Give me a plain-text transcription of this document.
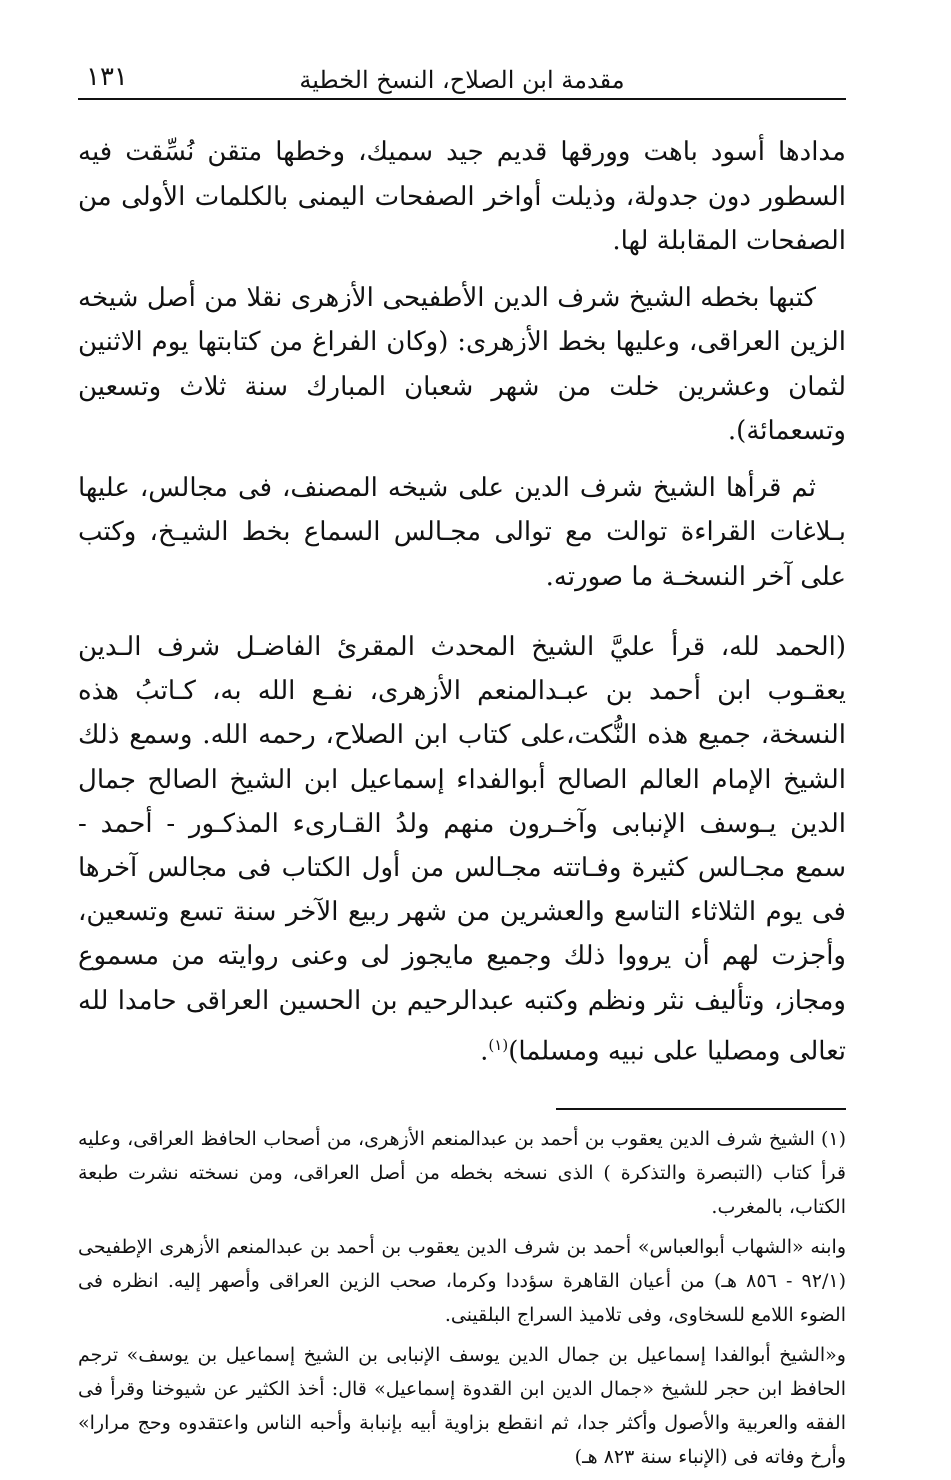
مقدمة ابن الصلاح، النسخ الخطية
١٣١

مدادها أسود باهت وورقها قديم جيد سميك، وخطها متقن نُسِّقت فيه السطور دون جدولة، وذيلت أواخر الصفحات اليمنى بالكلمات الأولى من الصفحات المقابلة لها.

كتبها بخطه الشيخ شرف الدين الأطفيحى الأزهرى نقلا من أصل شيخه الزين العراقى، وعليها بخط الأزهرى: (وكان الفراغ من كتابتها يوم الاثنين لثمان وعشرين خلت من شهر شعبان المبارك سنة ثلاث وتسعين وتسعمائة).

ثم قرأها الشيخ شرف الدين على شيخه المصنف، فى مجالس، عليها بـلاغات القراءة توالت مع توالى مجـالس السماع بخط الشيـخ، وكتب على آخر النسخـة ما صورته.

(الحمد لله، قرأ عليَّ الشيخ المحدث المقرئ الفاضـل شرف الـدين يعقـوب ابن أحمد بن عبـدالمنعم الأزهرى، نفـع الله به، كـاتبُ هذه النسخة، جميع هذه النُّكت،على كتاب ابن الصلاح، رحمه الله. وسمع ذلك الشيخ الإمام العالم الصالح أبوالفداء إسماعيل ابن الشيخ الصالح جمال الدين يـوسف الإنبابى وآخـرون منهم ولدُ القـارىء المذكـور - أحمد - سمع مجـالس كثيرة وفـاتته مجـالس من أول الكتاب فى مجالس آخرها فى يوم الثلاثاء التاسع والعشرين من شهر ربيع الآخر سنة تسع وتسعين، وأجزت لهم أن يرووا ذلك وجميع مايجوز لى وعنى روايته من مسموع ومجاز، وتأليف نثر ونظم وكتبه عبدالرحيم بن الحسين العراقى حامدا لله تعالى ومصليا على نبيه ومسلما)$^{(١)}$.

(١)الشيخ شرف الدين يعقوب بن أحمد بن عبدالمنعم الأزهرى، من أصحاب الحافظ العراقى، وعليه قرأ كتاب (التبصرة والتذكرة ) الذى نسخه بخطه من أصل العراقى، ومن نسخته نشرت طبعة الكتاب، بالمغرب.

وابنه «الشهاب أبوالعباس» أحمد بن شرف الدين يعقوب بن أحمد بن عبدالمنعم الأزهرى الإطفيحى (٩٢/١ - ٨٥٦ هـ) من أعيان القاهرة سؤددا وكرما، صحب الزين العراقى وأصهر إليه. انظره فى الضوء اللامع للسخاوى، وفى تلاميذ السراج البلقينى.

و«الشيخ أبوالفدا إسماعيل بن جمال الدين يوسف الإنبابى بن الشيخ إسماعيل بن يوسف» ترجم الحافظ ابن حجر للشيخ «جمال الدين ابن القدوة إسماعيل» قال: أخذ الكثير عن شيوخنا وقرأ فى الفقه والعربية والأصول وأكثر جدا، ثم انقطع بزاوية أبيه بإنبابة وأحبه الناس واعتقدوه وحج مرارا» وأرخ وفاته فى (الإنباء سنة ٨٢٣ هـ)
